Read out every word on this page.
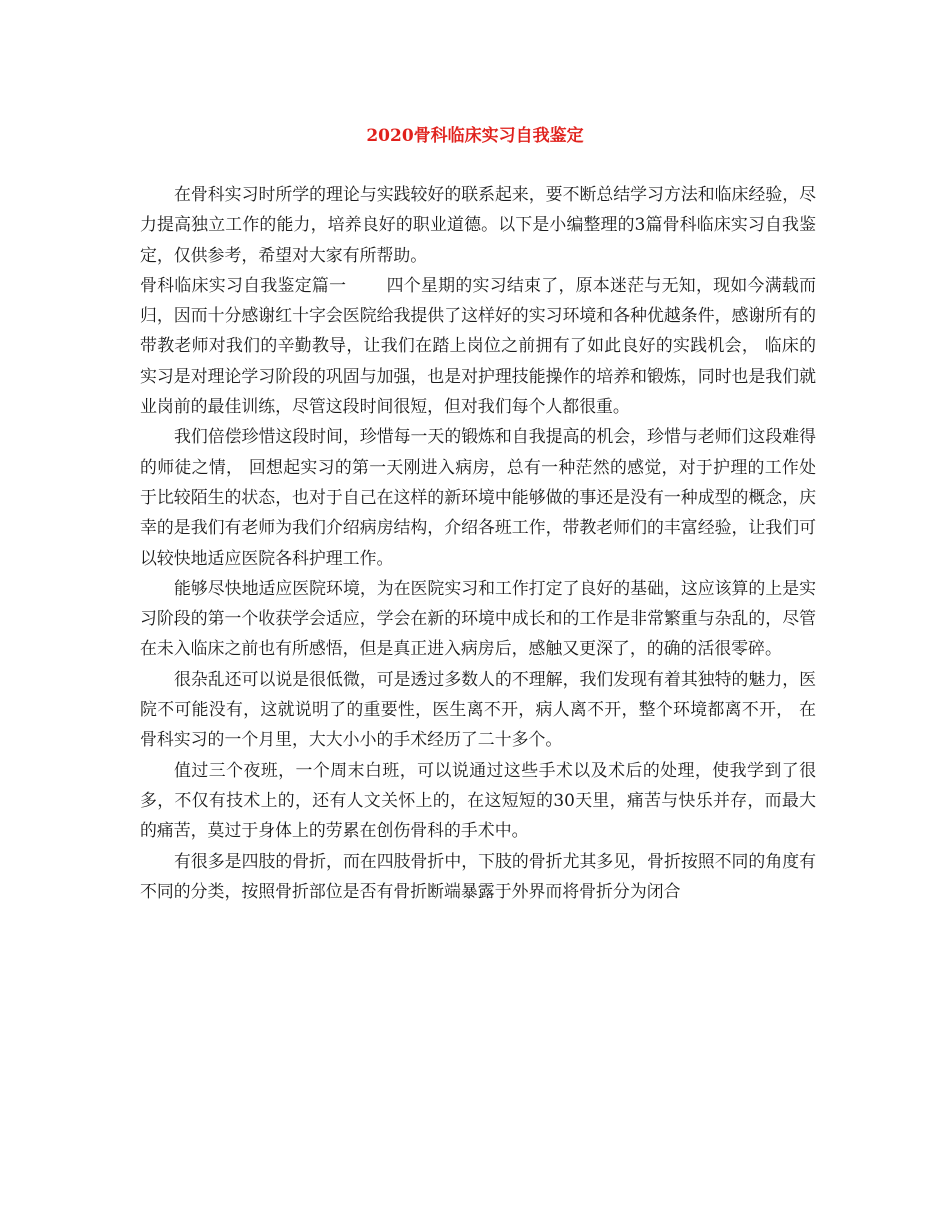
2020骨科临床实习自我鉴定

在骨科实习时所学的理论与实践较好的联系起来，要不断总结学习方法和临床经验，尽力提高独立工作的能力，培养良好的职业道德。以下是小编整理的3篇骨科临床实习自我鉴定，仅供参考，希望对大家有所帮助。

骨科临床实习自我鉴定篇一 四个星期的实习结束了，原本迷茫与无知，现如今满载而归，因而十分感谢红十字会医院给我提供了这样好的实习环境和各种优越条件，感谢所有的带教老师对我们的辛勤教导，让我们在踏上岗位之前拥有了如此良好的实践机会， 临床的实习是对理论学习阶段的巩固与加强，也是对护理技能操作的培养和锻炼，同时也是我们就业岗前的最佳训练，尽管这段时间很短，但对我们每个人都很重。

我们倍偿珍惜这段时间，珍惜每一天的锻炼和自我提高的机会，珍惜与老师们这段难得的师徒之情， 回想起实习的第一天刚进入病房，总有一种茫然的感觉，对于护理的工作处于比较陌生的状态，也对于自己在这样的新环境中能够做的事还是没有一种成型的概念，庆幸的是我们有老师为我们介绍病房结构，介绍各班工作，带教老师们的丰富经验，让我们可以较快地适应医院各科护理工作。

能够尽快地适应医院环境，为在医院实习和工作打定了良好的基础，这应该算的上是实习阶段的第一个收获学会适应，学会在新的环境中成长和的工作是非常繁重与杂乱的，尽管在未入临床之前也有所感悟，但是真正进入病房后，感触又更深了，的确的活很零碎。

很杂乱还可以说是很低微，可是透过多数人的不理解，我们发现有着其独特的魅力，医院不可能没有，这就说明了的重要性，医生离不开，病人离不开，整个环境都离不开， 在骨科实习的一个月里，大大小小的手术经历了二十多个。

值过三个夜班，一个周末白班，可以说通过这些手术以及术后的处理，使我学到了很多，不仅有技术上的，还有人文关怀上的，在这短短的30天里，痛苦与快乐并存，而最大的痛苦，莫过于身体上的劳累在创伤骨科的手术中。

有很多是四肢的骨折，而在四肢骨折中，下肢的骨折尤其多见，骨折按照不同的角度有不同的分类，按照骨折部位是否有骨折断端暴露于外界而将骨折分为闭合
